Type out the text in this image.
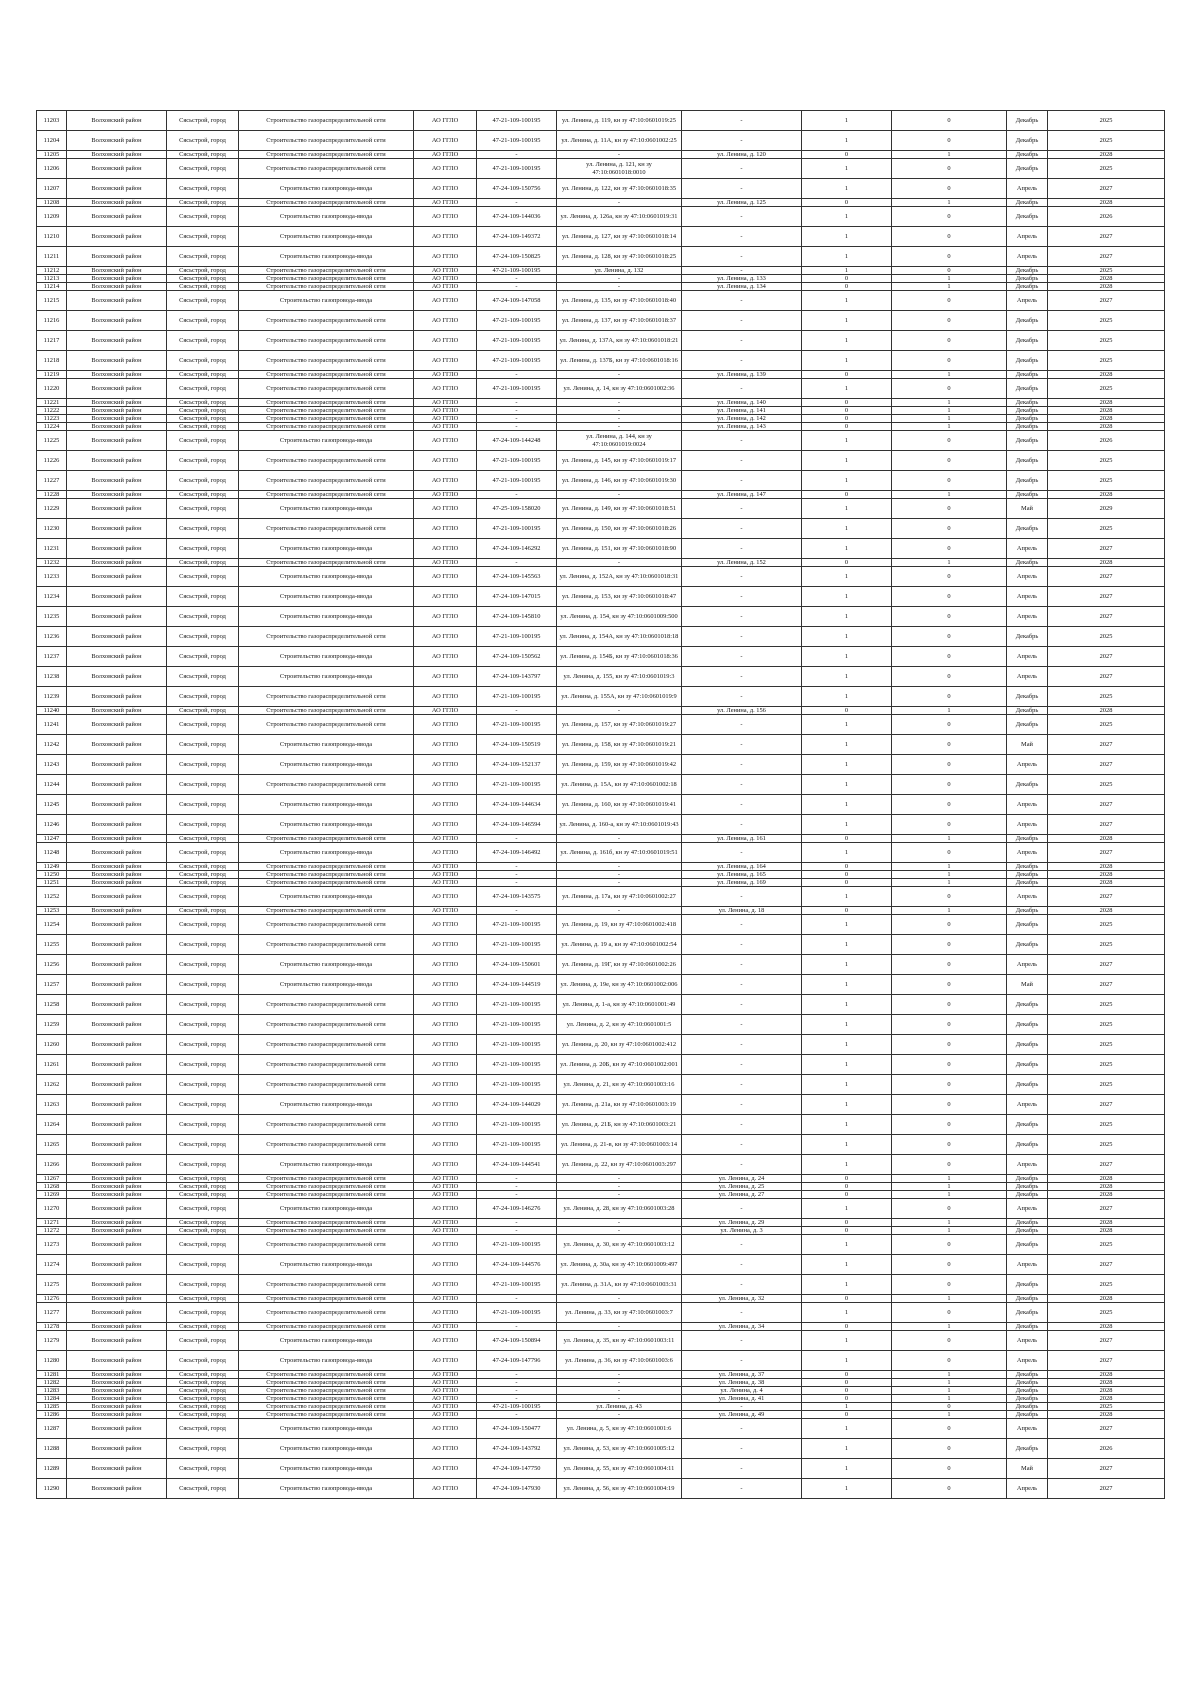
11203	Волховский район	Сясьстрой, город	Строительство газораспределительной сети	АО ГГЛО	47-21-109-100195	ул. Ленина, д. 119, кн зу 47:10:0601019:25	-	1	0	Декабрь	2025
11204	Волховский район	Сясьстрой, город	Строительство газораспределительной сети	АО ГГЛО	47-21-109-100195	ул. Ленина, д. 11А, кн зу 47:10:0601002:25	-	1	0	Декабрь	2025
11205	Волховский район	Сясьстрой, город	Строительство газораспределительной сети	АО ГГЛО	-	-	ул. Ленина, д. 120	0	1	Декабрь	2028
11206	Волховский район	Сясьстрой, город	Строительство газораспределительной сети	АО ГГЛО	47-21-109-100195	ул. Ленина, д. 121, кн зу 47:10:0601018:0010	-	1	0	Декабрь	2025
11207	Волховский район	Сясьстрой, город	Строительство газопровода-ввода	АО ГГЛО	47-24-109-150756	ул. Ленина, д. 122, кн зу 47:10:0601018:35	-	1	0	Апрель	2027
11208	Волховский район	Сясьстрой, город	Строительство газораспределительной сети	АО ГГЛО	-	-	ул. Ленина, д. 125	0	1	Декабрь	2028
11209	Волховский район	Сясьстрой, город	Строительство газопровода-ввода	АО ГГЛО	47-24-109-144036	ул. Ленина, д. 126а, кн зу 47:10:0601019:31	-	1	0	Декабрь	2026
11210	Волховский район	Сясьстрой, город	Строительство газопровода-ввода	АО ГГЛО	47-24-109-149372	ул. Ленина, д. 127, кн зу 47:10:0601018:14	-	1	0	Апрель	2027
11211	Волховский район	Сясьстрой, город	Строительство газопровода-ввода	АО ГГЛО	47-24-109-150825	ул. Ленина, д. 128, кн зу 47:10:0601018:25	-	1	0	Апрель	2027
11212	Волховский район	Сясьстрой, город	Строительство газораспределительной сети	АО ГГЛО	47-21-109-100195	ул. Ленина, д. 132	-	1	0	Декабрь	2025
11213	Волховский район	Сясьстрой, город	Строительство газораспределительной сети	АО ГГЛО	-	-	ул. Ленина, д. 133	0	1	Декабрь	2028
11214	Волховский район	Сясьстрой, город	Строительство газораспределительной сети	АО ГГЛО	-	-	ул. Ленина, д. 134	0	1	Декабрь	2028
11215	Волховский район	Сясьстрой, город	Строительство газопровода-ввода	АО ГГЛО	47-24-109-147058	ул. Ленина, д. 135, кн зу 47:10:0601018:40	-	1	0	Апрель	2027
11216	Волховский район	Сясьстрой, город	Строительство газораспределительной сети	АО ГГЛО	47-21-109-100195	ул. Ленина, д. 137, кн зу 47:10:0601018:37	-	1	0	Декабрь	2025
11217	Волховский район	Сясьстрой, город	Строительство газораспределительной сети	АО ГГЛО	47-21-109-100195	ул. Ленина, д. 137А, кн зу 47:10:0601018:21	-	1	0	Декабрь	2025
11218	Волховский район	Сясьстрой, город	Строительство газораспределительной сети	АО ГГЛО	47-21-109-100195	ул. Ленина, д. 137Б, кн зу 47:10:0601018:16	-	1	0	Декабрь	2025
11219	Волховский район	Сясьстрой, город	Строительство газораспределительной сети	АО ГГЛО	-	-	ул. Ленина, д. 139	0	1	Декабрь	2028
11220	Волховский район	Сясьстрой, город	Строительство газораспределительной сети	АО ГГЛО	47-21-109-100195	ул. Ленина, д. 14, кн зу 47:10:0601002:36	-	1	0	Декабрь	2025
11221	Волховский район	Сясьстрой, город	Строительство газораспределительной сети	АО ГГЛО	-	-	ул. Ленина, д. 140	0	1	Декабрь	2028
11222	Волховский район	Сясьстрой, город	Строительство газораспределительной сети	АО ГГЛО	-	-	ул. Ленина, д. 141	0	1	Декабрь	2028
11223	Волховский район	Сясьстрой, город	Строительство газораспределительной сети	АО ГГЛО	-	-	ул. Ленина, д. 142	0	1	Декабрь	2028
11224	Волховский район	Сясьстрой, город	Строительство газораспределительной сети	АО ГГЛО	-	-	ул. Ленина, д. 143	0	1	Декабрь	2028
11225	Волховский район	Сясьстрой, город	Строительство газопровода-ввода	АО ГГЛО	47-24-109-144248	ул. Ленина, д. 144, кн зу 47:10:0601019:0024	-	1	0	Декабрь	2026
11226	Волховский район	Сясьстрой, город	Строительство газораспределительной сети	АО ГГЛО	47-21-109-100195	ул. Ленина, д. 145, кн зу 47:10:0601019:17	-	1	0	Декабрь	2025
11227	Волховский район	Сясьстрой, город	Строительство газораспределительной сети	АО ГГЛО	47-21-109-100195	ул. Ленина, д. 146, кн зу 47:10:0601019:30	-	1	0	Декабрь	2025
11228	Волховский район	Сясьстрой, город	Строительство газораспределительной сети	АО ГГЛО	-	-	ул. Ленина, д. 147	0	1	Декабрь	2028
11229	Волховский район	Сясьстрой, город	Строительство газопровода-ввода	АО ГГЛО	47-25-109-158020	ул. Ленина, д. 149, кн зу 47:10:0601018:51	-	1	0	Май	2029
11230	Волховский район	Сясьстрой, город	Строительство газораспределительной сети	АО ГГЛО	47-21-109-100195	ул. Ленина, д. 150, кн зу 47:10:0601018:26	-	1	0	Декабрь	2025
11231	Волховский район	Сясьстрой, город	Строительство газопровода-ввода	АО ГГЛО	47-24-109-146292	ул. Ленина, д. 151, кн зу 47:10:0601018:90	-	1	0	Апрель	2027
11232	Волховский район	Сясьстрой, город	Строительство газораспределительной сети	АО ГГЛО	-	-	ул. Ленина, д. 152	0	1	Декабрь	2028
11233	Волховский район	Сясьстрой, город	Строительство газопровода-ввода	АО ГГЛО	47-24-109-145563	ул. Ленина, д. 152А, кн зу 47:10:0601018:31	-	1	0	Апрель	2027
11234	Волховский район	Сясьстрой, город	Строительство газопровода-ввода	АО ГГЛО	47-24-109-147015	ул. Ленина, д. 153, кн зу 47:10:0601018:47	-	1	0	Апрель	2027
11235	Волховский район	Сясьстрой, город	Строительство газопровода-ввода	АО ГГЛО	47-24-109-145810	ул. Ленина, д. 154, кн зу 47:10:0601009:500	-	1	0	Апрель	2027
11236	Волховский район	Сясьстрой, город	Строительство газораспределительной сети	АО ГГЛО	47-21-109-100195	ул. Ленина, д. 154А, кн зу 47:10:0601018:18	-	1	0	Декабрь	2025
11237	Волховский район	Сясьстрой, город	Строительство газопровода-ввода	АО ГГЛО	47-24-109-150562	ул. Ленина, д. 154Б, кн зу 47:10:0601018:36	-	1	0	Апрель	2027
11238	Волховский район	Сясьстрой, город	Строительство газопровода-ввода	АО ГГЛО	47-24-109-143797	ул. Ленина, д. 155, кн зу 47:10:0601019:3	-	1	0	Апрель	2027
11239	Волховский район	Сясьстрой, город	Строительство газораспределительной сети	АО ГГЛО	47-21-109-100195	ул. Ленина, д. 155А, кн зу 47:10:0601019:9	-	1	0	Декабрь	2025
11240	Волховский район	Сясьстрой, город	Строительство газораспределительной сети	АО ГГЛО	-	-	ул. Ленина, д. 156	0	1	Декабрь	2028
11241	Волховский район	Сясьстрой, город	Строительство газораспределительной сети	АО ГГЛО	47-21-109-100195	ул. Ленина, д. 157, кн зу 47:10:0601019:27	-	1	0	Декабрь	2025
11242	Волховский район	Сясьстрой, город	Строительство газопровода-ввода	АО ГГЛО	47-24-109-150519	ул. Ленина, д. 158, кн зу 47:10:0601019:21	-	1	0	Май	2027
11243	Волховский район	Сясьстрой, город	Строительство газопровода-ввода	АО ГГЛО	47-24-109-152137	ул. Ленина, д. 159, кн зу 47:10:0601019:42	-	1	0	Апрель	2027
11244	Волховский район	Сясьстрой, город	Строительство газораспределительной сети	АО ГГЛО	47-21-109-100195	ул. Ленина, д. 15А, кн зу 47:10:0601002:18	-	1	0	Декабрь	2025
11245	Волховский район	Сясьстрой, город	Строительство газопровода-ввода	АО ГГЛО	47-24-109-144634	ул. Ленина, д. 160, кн зу 47:10:0601019:41	-	1	0	Апрель	2027
11246	Волховский район	Сясьстрой, город	Строительство газопровода-ввода	АО ГГЛО	47-24-109-146594	ул. Ленина, д. 160-а, кн зу 47:10:0601019:43	-	1	0	Апрель	2027
11247	Волховский район	Сясьстрой, город	Строительство газораспределительной сети	АО ГГЛО	-	-	ул. Ленина, д. 161	0	1	Декабрь	2028
11248	Волховский район	Сясьстрой, город	Строительство газопровода-ввода	АО ГГЛО	47-24-109-146492	ул. Ленина, д. 161б, кн зу 47:10:0601019:51	-	1	0	Апрель	2027
11249	Волховский район	Сясьстрой, город	Строительство газораспределительной сети	АО ГГЛО	-	-	ул. Ленина, д. 164	0	1	Декабрь	2028
11250	Волховский район	Сясьстрой, город	Строительство газораспределительной сети	АО ГГЛО	-	-	ул. Ленина, д. 165	0	1	Декабрь	2028
11251	Волховский район	Сясьстрой, город	Строительство газораспределительной сети	АО ГГЛО	-	-	ул. Ленина, д. 169	0	1	Декабрь	2028
11252	Волховский район	Сясьстрой, город	Строительство газопровода-ввода	АО ГГЛО	47-24-109-143575	ул. Ленина, д. 17а, кн зу 47:10:0601002:27	-	1	0	Апрель	2027
11253	Волховский район	Сясьстрой, город	Строительство газораспределительной сети	АО ГГЛО	-	-	ул. Ленина, д. 18	0	1	Декабрь	2028
11254	Волховский район	Сясьстрой, город	Строительство газораспределительной сети	АО ГГЛО	47-21-109-100195	ул. Ленина, д. 19, кн зу 47:10:0601002:418	-	1	0	Декабрь	2025
11255	Волховский район	Сясьстрой, город	Строительство газораспределительной сети	АО ГГЛО	47-21-109-100195	ул. Ленина, д. 19 а, кн зу 47:10:0601002:54	-	1	0	Декабрь	2025
11256	Волховский район	Сясьстрой, город	Строительство газопровода-ввода	АО ГГЛО	47-24-109-150601	ул. Ленина, д. 19Г, кн зу 47:10:0601002:26	-	1	0	Апрель	2027
11257	Волховский район	Сясьстрой, город	Строительство газопровода-ввода	АО ГГЛО	47-24-109-144519	ул. Ленина, д. 19е, кн зу 47:10:0601002:006	-	1	0	Май	2027
11258	Волховский район	Сясьстрой, город	Строительство газораспределительной сети	АО ГГЛО	47-21-109-100195	ул. Ленина, д. 1-а, кн зу 47:10:0601001:49	-	1	0	Декабрь	2025
11259	Волховский район	Сясьстрой, город	Строительство газораспределительной сети	АО ГГЛО	47-21-109-100195	ул. Ленина, д. 2, кн зу 47:10:0601001:5	-	1	0	Декабрь	2025
11260	Волховский район	Сясьстрой, город	Строительство газораспределительной сети	АО ГГЛО	47-21-109-100195	ул. Ленина, д. 20, кн зу 47:10:0601002:412	-	1	0	Декабрь	2025
11261	Волховский район	Сясьстрой, город	Строительство газораспределительной сети	АО ГГЛО	47-21-109-100195	ул. Ленина, д. 20Б, кн зу 47:10:0601002:001	-	1	0	Декабрь	2025
11262	Волховский район	Сясьстрой, город	Строительство газораспределительной сети	АО ГГЛО	47-21-109-100195	ул. Ленина, д. 21, кн зу 47:10:0601003:16	-	1	0	Декабрь	2025
11263	Волховский район	Сясьстрой, город	Строительство газопровода-ввода	АО ГГЛО	47-24-109-144029	ул. Ленина, д. 21а, кн зу 47:10:0601003:19	-	1	0	Апрель	2027
11264	Волховский район	Сясьстрой, город	Строительство газораспределительной сети	АО ГГЛО	47-21-109-100195	ул. Ленина, д. 21Б, кн зу 47:10:0601003:21	-	1	0	Декабрь	2025
11265	Волховский район	Сясьстрой, город	Строительство газораспределительной сети	АО ГГЛО	47-21-109-100195	ул. Ленина, д. 21-в, кн зу 47:10:0601003:14	-	1	0	Декабрь	2025
11266	Волховский район	Сясьстрой, город	Строительство газопровода-ввода	АО ГГЛО	47-24-109-144541	ул. Ленина, д. 22, кн зу 47:10:0601003:297	-	1	0	Апрель	2027
11267	Волховский район	Сясьстрой, город	Строительство газораспределительной сети	АО ГГЛО	-	-	ул. Ленина, д. 24	0	1	Декабрь	2028
11268	Волховский район	Сясьстрой, город	Строительство газораспределительной сети	АО ГГЛО	-	-	ул. Ленина, д. 25	0	1	Декабрь	2028
11269	Волховский район	Сясьстрой, город	Строительство газораспределительной сети	АО ГГЛО	-	-	ул. Ленина, д. 27	0	1	Декабрь	2028
11270	Волховский район	Сясьстрой, город	Строительство газопровода-ввода	АО ГГЛО	47-24-109-146276	ул. Ленина, д. 28, кн зу 47:10:0601003:28	-	1	0	Апрель	2027
11271	Волховский район	Сясьстрой, город	Строительство газораспределительной сети	АО ГГЛО	-	-	ул. Ленина, д. 29	0	1	Декабрь	2028
11272	Волховский район	Сясьстрой, город	Строительство газораспределительной сети	АО ГГЛО	-	-	ул. Ленина, д. 3	0	1	Декабрь	2028
11273	Волховский район	Сясьстрой, город	Строительство газораспределительной сети	АО ГГЛО	47-21-109-100195	ул. Ленина, д. 30, кн зу 47:10:0601003:12	-	1	0	Декабрь	2025
11274	Волховский район	Сясьстрой, город	Строительство газопровода-ввода	АО ГГЛО	47-24-109-144576	ул. Ленина, д. 30а, кн зу 47:10:0601009:497	-	1	0	Апрель	2027
11275	Волховский район	Сясьстрой, город	Строительство газораспределительной сети	АО ГГЛО	47-21-109-100195	ул. Ленина, д. 31А, кн зу 47:10:0601003:31	-	1	0	Декабрь	2025
11276	Волховский район	Сясьстрой, город	Строительство газораспределительной сети	АО ГГЛО	-	-	ул. Ленина, д. 32	0	1	Декабрь	2028
11277	Волховский район	Сясьстрой, город	Строительство газораспределительной сети	АО ГГЛО	47-21-109-100195	ул. Ленина, д. 33, кн зу 47:10:0601003:7	-	1	0	Декабрь	2025
11278	Волховский район	Сясьстрой, город	Строительство газораспределительной сети	АО ГГЛО	-	-	ул. Ленина, д. 34	0	1	Декабрь	2028
11279	Волховский район	Сясьстрой, город	Строительство газопровода-ввода	АО ГГЛО	47-24-109-150894	ул. Ленина, д. 35, кн зу 47:10:0601003:11	-	1	0	Апрель	2027
11280	Волховский район	Сясьстрой, город	Строительство газопровода-ввода	АО ГГЛО	47-24-109-147796	ул. Ленина, д. 36, кн зу 47:10:0601003:6	-	1	0	Апрель	2027
11281	Волховский район	Сясьстрой, город	Строительство газораспределительной сети	АО ГГЛО	-	-	ул. Ленина, д. 37	0	1	Декабрь	2028
11282	Волховский район	Сясьстрой, город	Строительство газораспределительной сети	АО ГГЛО	-	-	ул. Ленина, д. 38	0	1	Декабрь	2028
11283	Волховский район	Сясьстрой, город	Строительство газораспределительной сети	АО ГГЛО	-	-	ул. Ленина, д. 4	0	1	Декабрь	2028
11284	Волховский район	Сясьстрой, город	Строительство газораспределительной сети	АО ГГЛО	-	-	ул. Ленина, д. 41	0	1	Декабрь	2028
11285	Волховский район	Сясьстрой, город	Строительство газораспределительной сети	АО ГГЛО	47-21-109-100195	ул. Ленина, д. 43	-	1	0	Декабрь	2025
11286	Волховский район	Сясьстрой, город	Строительство газораспределительной сети	АО ГГЛО	-	-	ул. Ленина, д. 49	0	1	Декабрь	2028
11287	Волховский район	Сясьстрой, город	Строительство газопровода-ввода	АО ГГЛО	47-24-109-150477	ул. Ленина, д. 5, кн зу 47:10:0601001:6	-	1	0	Апрель	2027
11288	Волховский район	Сясьстрой, город	Строительство газопровода-ввода	АО ГГЛО	47-24-109-143792	ул. Ленина, д. 53, кн зу 47:10:0601005:12	-	1	0	Декабрь	2026
11289	Волховский район	Сясьстрой, город	Строительство газопровода-ввода	АО ГГЛО	47-24-109-147750	ул. Ленина, д. 55, кн зу 47:10:0601004:11	-	1	0	Май	2027
11290	Волховский район	Сясьстрой, город	Строительство газопровода-ввода	АО ГГЛО	47-24-109-147930	ул. Ленина, д. 56, кн зу 47:10:0601004:19	-	1	0	Апрель	2027
